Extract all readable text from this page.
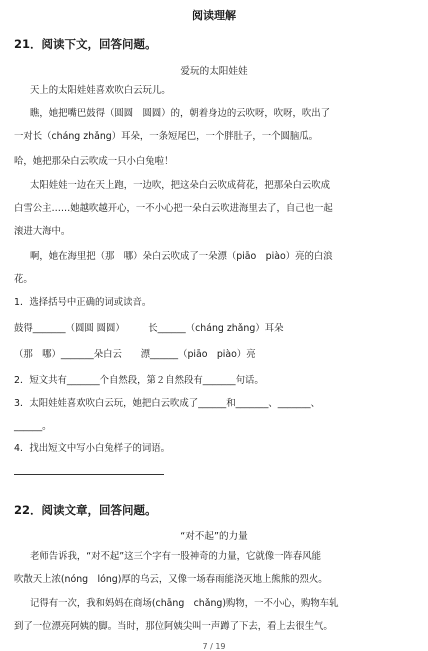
阅读理解
21．阅读下文，回答问题。
爱玩的太阳娃娃
天上的太阳娃娃喜欢吹白云玩儿。
瞧，她把嘴巴鼓得（圆圆　圆圆）的，朝着身边的云吹呀，吹呀，吹出了
一对长（cháng zhǎng）耳朵，一条短尾巴，一个胖肚子，一个圆脑瓜。
哈，她把那朵白云吹成一只小白兔啦！
太阳娃娃一边在天上跑，一边吹，把这朵白云吹成荷花，把那朵白云吹成
白雪公主……她越吹越开心，一不小心把一朵白云吹进海里去了，自己也一起
滚进大海中。
啊，她在海里把（那　哪）朵白云吹成了一朵漂（piāo　piào）亮的白浪
花。
1．选择括号中正确的词或读音。
鼓得_______（圆圆 圆圆）　　　长______（cháng zhǎng）耳朵
（那　哪）_______朵白云　　漂______（piāo　piào）亮
2．短文共有_______个自然段，第２自然段有_______句话。
3．太阳娃娃喜欢吹白云玩，她把白云吹成了______和_______、_______、
______。
4．找出短文中写小白兔样子的词语。
22．阅读文章，回答问题。
“对不起”的力量
老师告诉我，“对不起”这三个字有一股神奇的力量，它就像一阵春风能
吹散天上浓(nóng　lóng)厚的乌云，又像一场春雨能浇灭地上熊熊的烈火。
记得有一次，我和妈妈在商场(chāng　chǎng)购物，一不小心，购物车轧
到了一位漂亮阿姨的脚。当时，那位阿姨尖叫一声蹲了下去，看上去很生气。
7 / 19
